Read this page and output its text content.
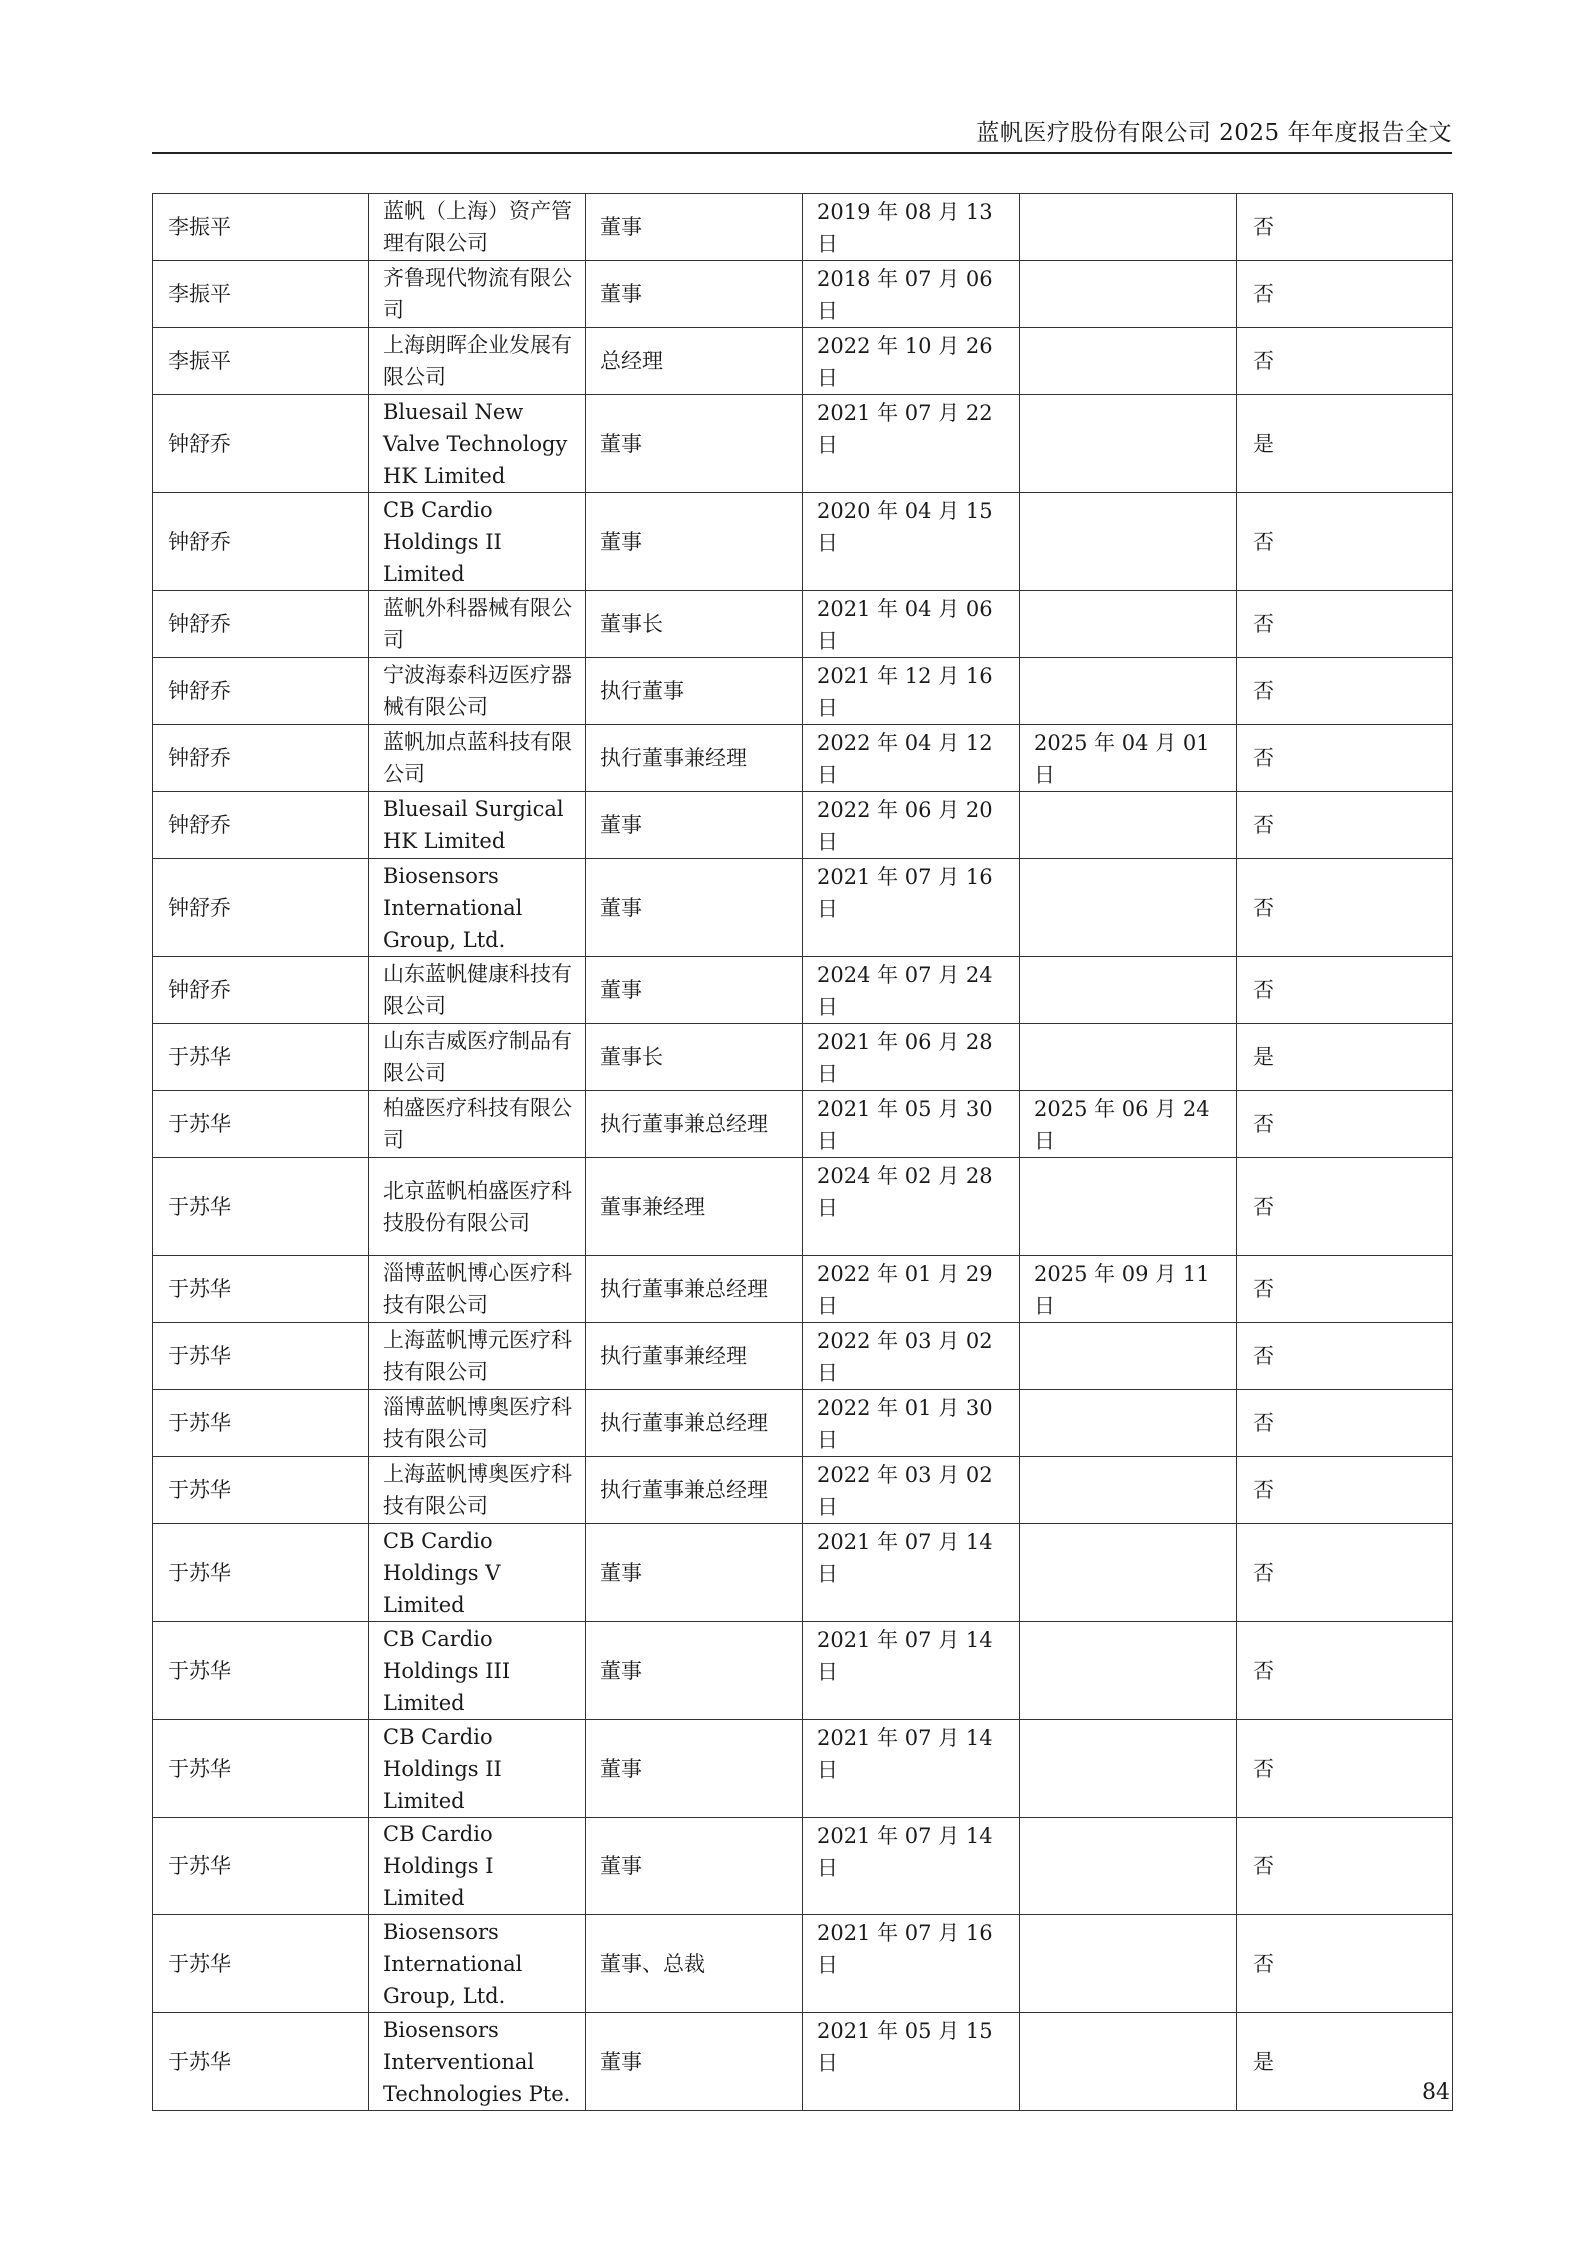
蓝帆医疗股份有限公司 2025 年年度报告全文
李振平	蓝帆（上海）资产管理有限公司	董事	2019 年 08 月 13 日		否
李振平	齐鲁现代物流有限公司	董事	2018 年 07 月 06 日		否
李振平	上海朗晖企业发展有限公司	总经理	2022 年 10 月 26 日		否
钟舒乔	Bluesail New Valve Technology HK Limited	董事	2021 年 07 月 22 日		是
钟舒乔	CB Cardio Holdings II Limited	董事	2020 年 04 月 15 日		否
钟舒乔	蓝帆外科器械有限公司	董事长	2021 年 04 月 06 日		否
钟舒乔	宁波海泰科迈医疗器械有限公司	执行董事	2021 年 12 月 16 日		否
钟舒乔	蓝帆加点蓝科技有限公司	执行董事兼经理	2022 年 04 月 12 日	2025 年 04 月 01 日	否
钟舒乔	Bluesail Surgical HK Limited	董事	2022 年 06 月 20 日		否
钟舒乔	Biosensors International Group, Ltd.	董事	2021 年 07 月 16 日		否
钟舒乔	山东蓝帆健康科技有限公司	董事	2024 年 07 月 24 日		否
于苏华	山东吉威医疗制品有限公司	董事长	2021 年 06 月 28 日		是
于苏华	柏盛医疗科技有限公司	执行董事兼总经理	2021 年 05 月 30 日	2025 年 06 月 24 日	否
于苏华	北京蓝帆柏盛医疗科技股份有限公司	董事兼经理	2024 年 02 月 28 日		否
于苏华	淄博蓝帆博心医疗科技有限公司	执行董事兼总经理	2022 年 01 月 29 日	2025 年 09 月 11 日	否
于苏华	上海蓝帆博元医疗科技有限公司	执行董事兼经理	2022 年 03 月 02 日		否
于苏华	淄博蓝帆博奥医疗科技有限公司	执行董事兼总经理	2022 年 01 月 30 日		否
于苏华	上海蓝帆博奥医疗科技有限公司	执行董事兼总经理	2022 年 03 月 02 日		否
于苏华	CB Cardio Holdings V Limited	董事	2021 年 07 月 14 日		否
于苏华	CB Cardio Holdings III Limited	董事	2021 年 07 月 14 日		否
于苏华	CB Cardio Holdings II Limited	董事	2021 年 07 月 14 日		否
于苏华	CB Cardio Holdings I Limited	董事	2021 年 07 月 14 日		否
于苏华	Biosensors International Group, Ltd.	董事、总裁	2021 年 07 月 16 日		否
于苏华	Biosensors Interventional Technologies Pte.	董事	2021 年 05 月 15 日		是
84
